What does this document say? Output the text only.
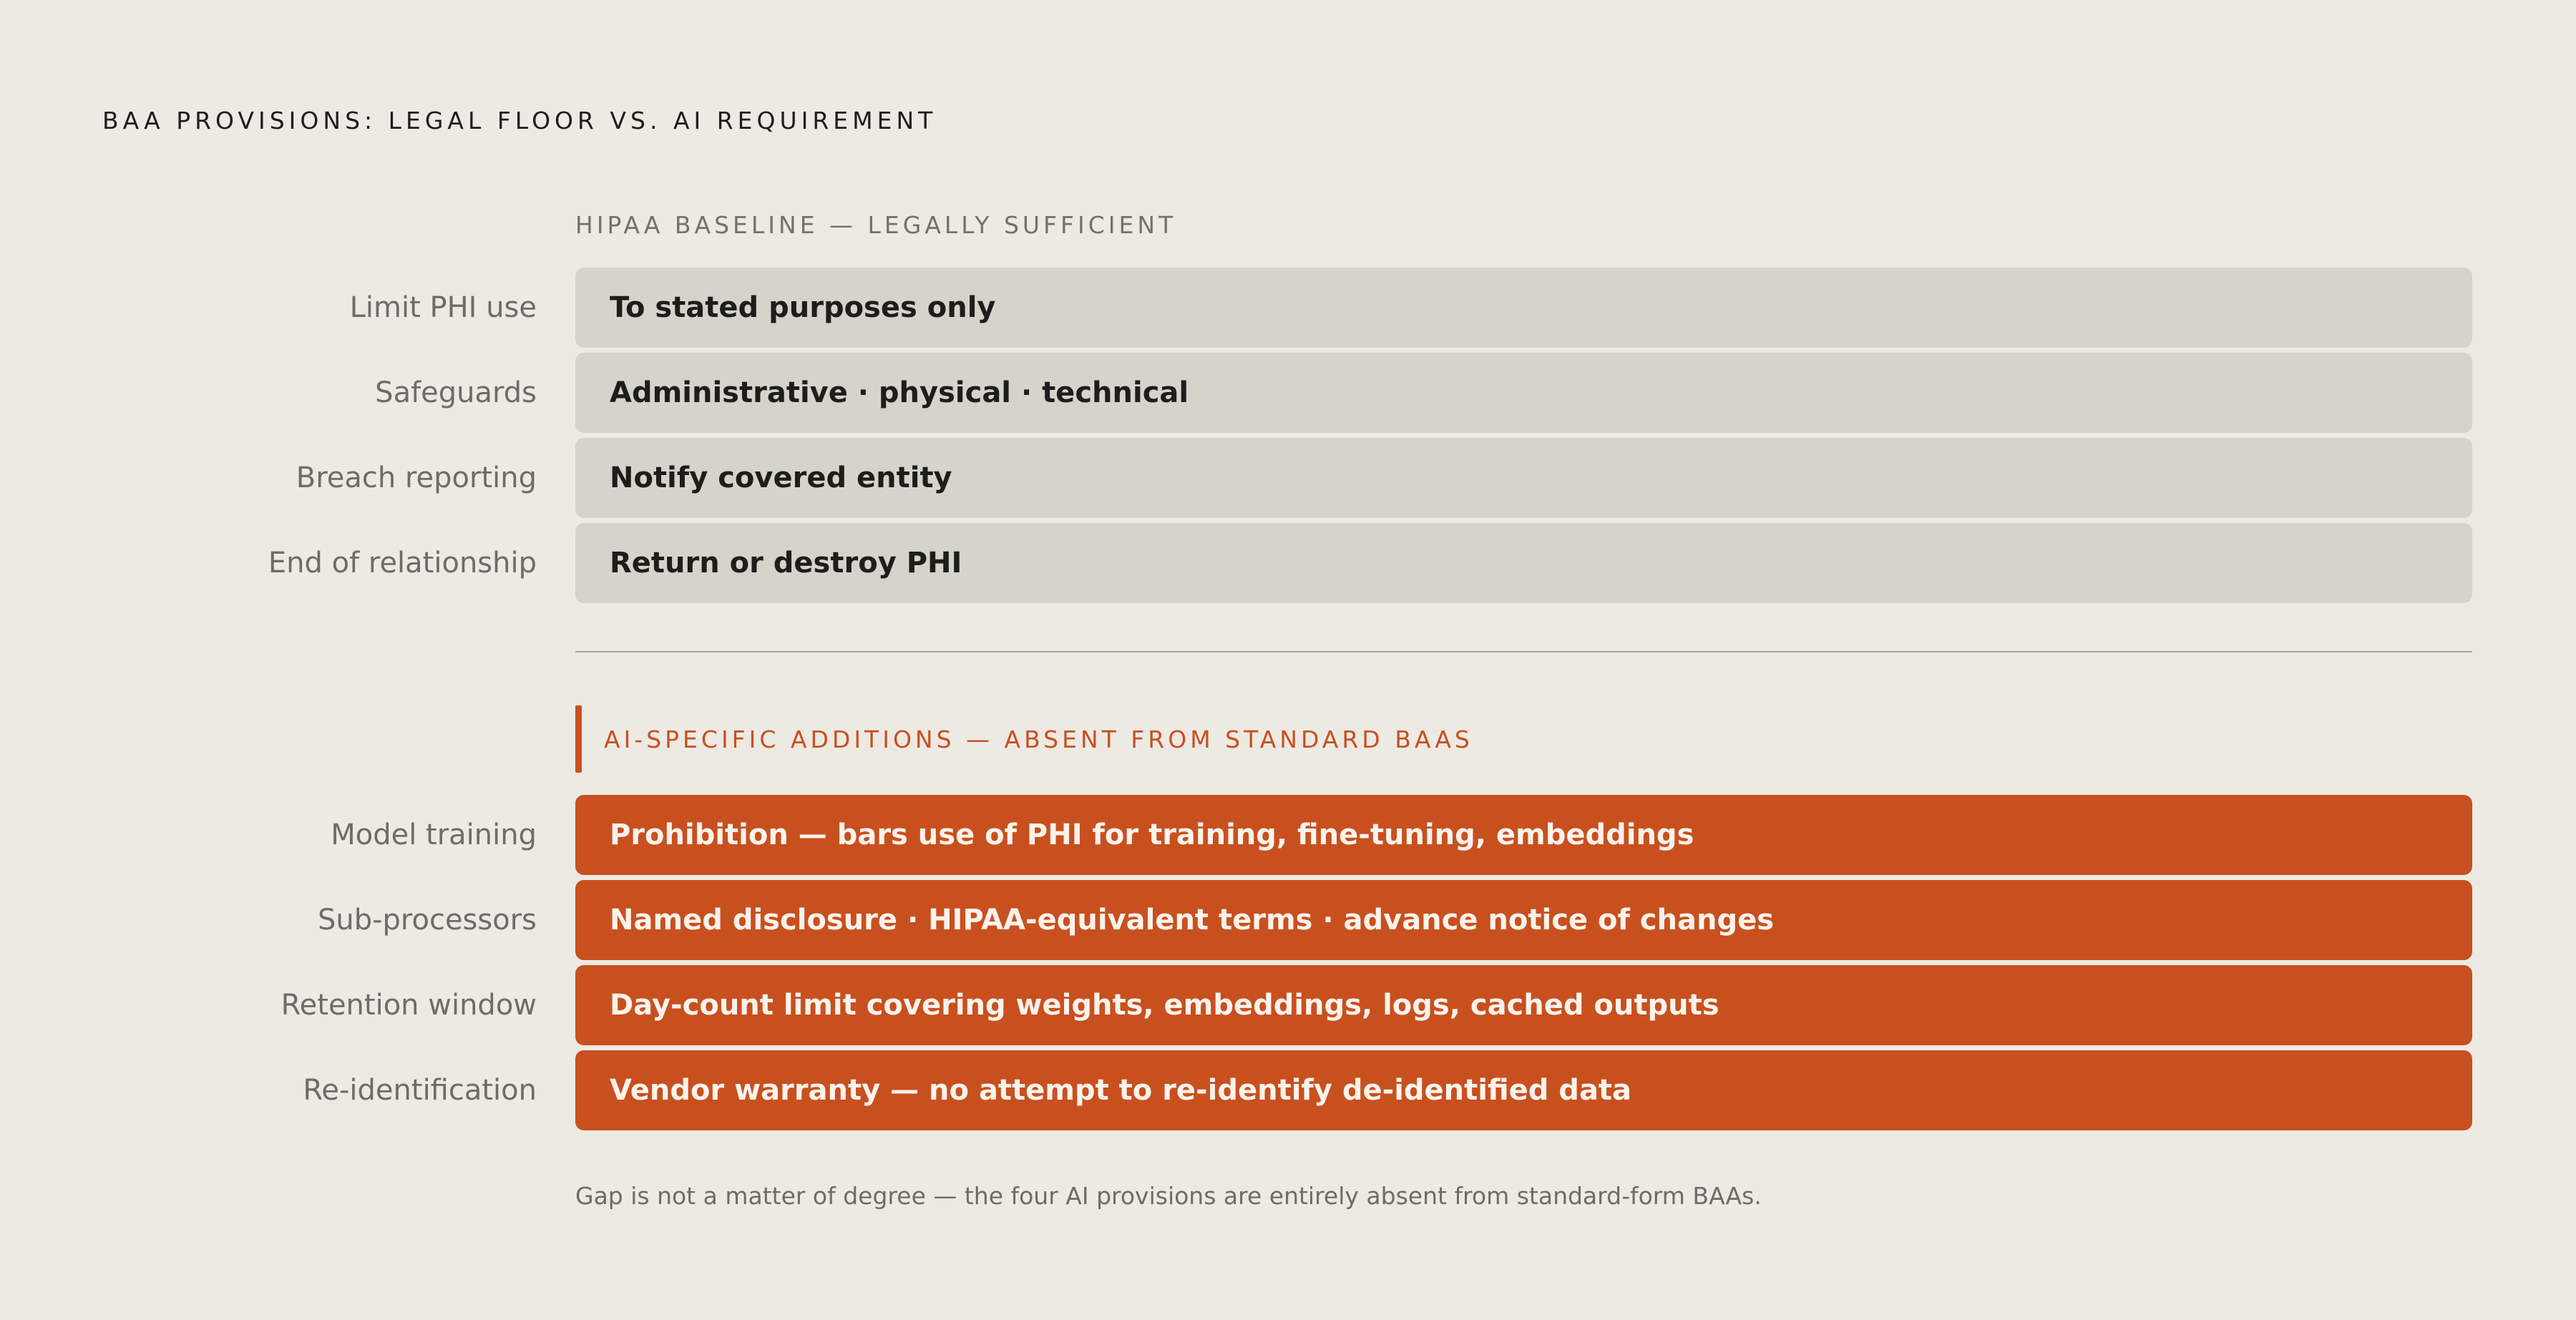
BAA PROVISIONS: LEGAL FLOOR VS. AI REQUIREMENT
HIPAA BASELINE — LEGALLY SUFFICIENT
Limit PHI use	To stated purposes only
Safeguards	Administrative · physical · technical
Breach reporting	Notify covered entity
End of relationship	Return or destroy PHI
AI-SPECIFIC ADDITIONS — ABSENT FROM STANDARD BAAS
Model training	Prohibition — bars use of PHI for training, fine-tuning, embeddings
Sub-processors	Named disclosure · HIPAA-equivalent terms · advance notice of changes
Retention window	Day-count limit covering weights, embeddings, logs, cached outputs
Re-identification	Vendor warranty — no attempt to re-identify de-identified data
Gap is not a matter of degree — the four AI provisions are entirely absent from standard-form BAAs.
